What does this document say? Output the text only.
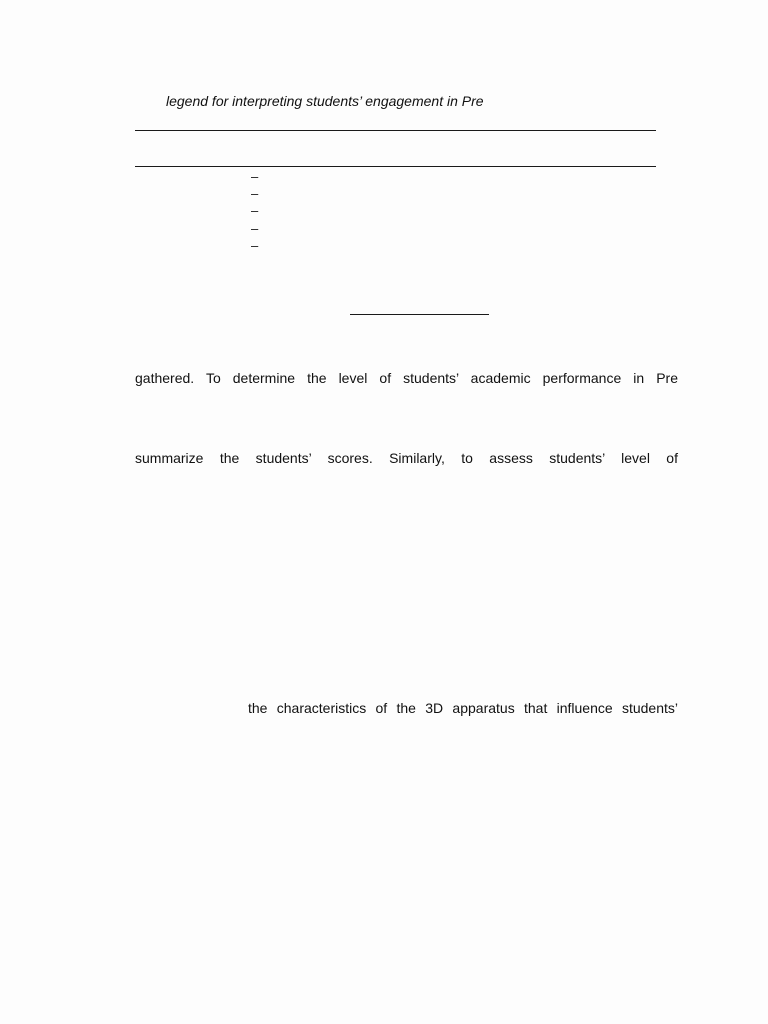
legend for interpreting students’ engagement in Pre
–
–
–
–
–
gathered. To determine the level of students’ academic performance in Pre
summarize the students’ scores. Similarly, to assess students’ level of
the characteristics of the 3D apparatus that influence students’
